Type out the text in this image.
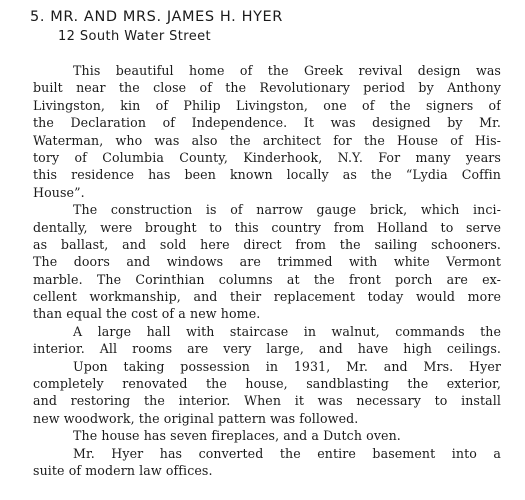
5. MR. AND MRS. JAMES H. HYER
12 South Water Street
This beautiful home of the Greek revival design was
built near the close of the Revolutionary period by Anthony
Livingston, kin of Philip Livingston, one of the signers of
the Declaration of Independence. It was designed by Mr.
Waterman, who was also the architect for the House of His-
tory of Columbia County, Kinderhook, N.Y. For many years
this residence has been known locally as the “Lydia Coffin
House”.
The construction is of narrow gauge brick, which inci-
dentally, were brought to this country from Holland to serve
as ballast, and sold here direct from the sailing schooners.
The doors and windows are trimmed with white Vermont
marble. The Corinthian columns at the front porch are ex-
cellent workmanship, and their replacement today would more
than equal the cost of a new home.
A large hall with staircase in walnut, commands the
interior. All rooms are very large, and have high ceilings.
Upon taking possession in 1931, Mr. and Mrs. Hyer
completely renovated the house, sandblasting the exterior,
and restoring the interior. When it was necessary to install
new woodwork, the original pattern was followed.
The house has seven fireplaces, and a Dutch oven.
Mr. Hyer has converted the entire basement into a
suite of modern law offices.
